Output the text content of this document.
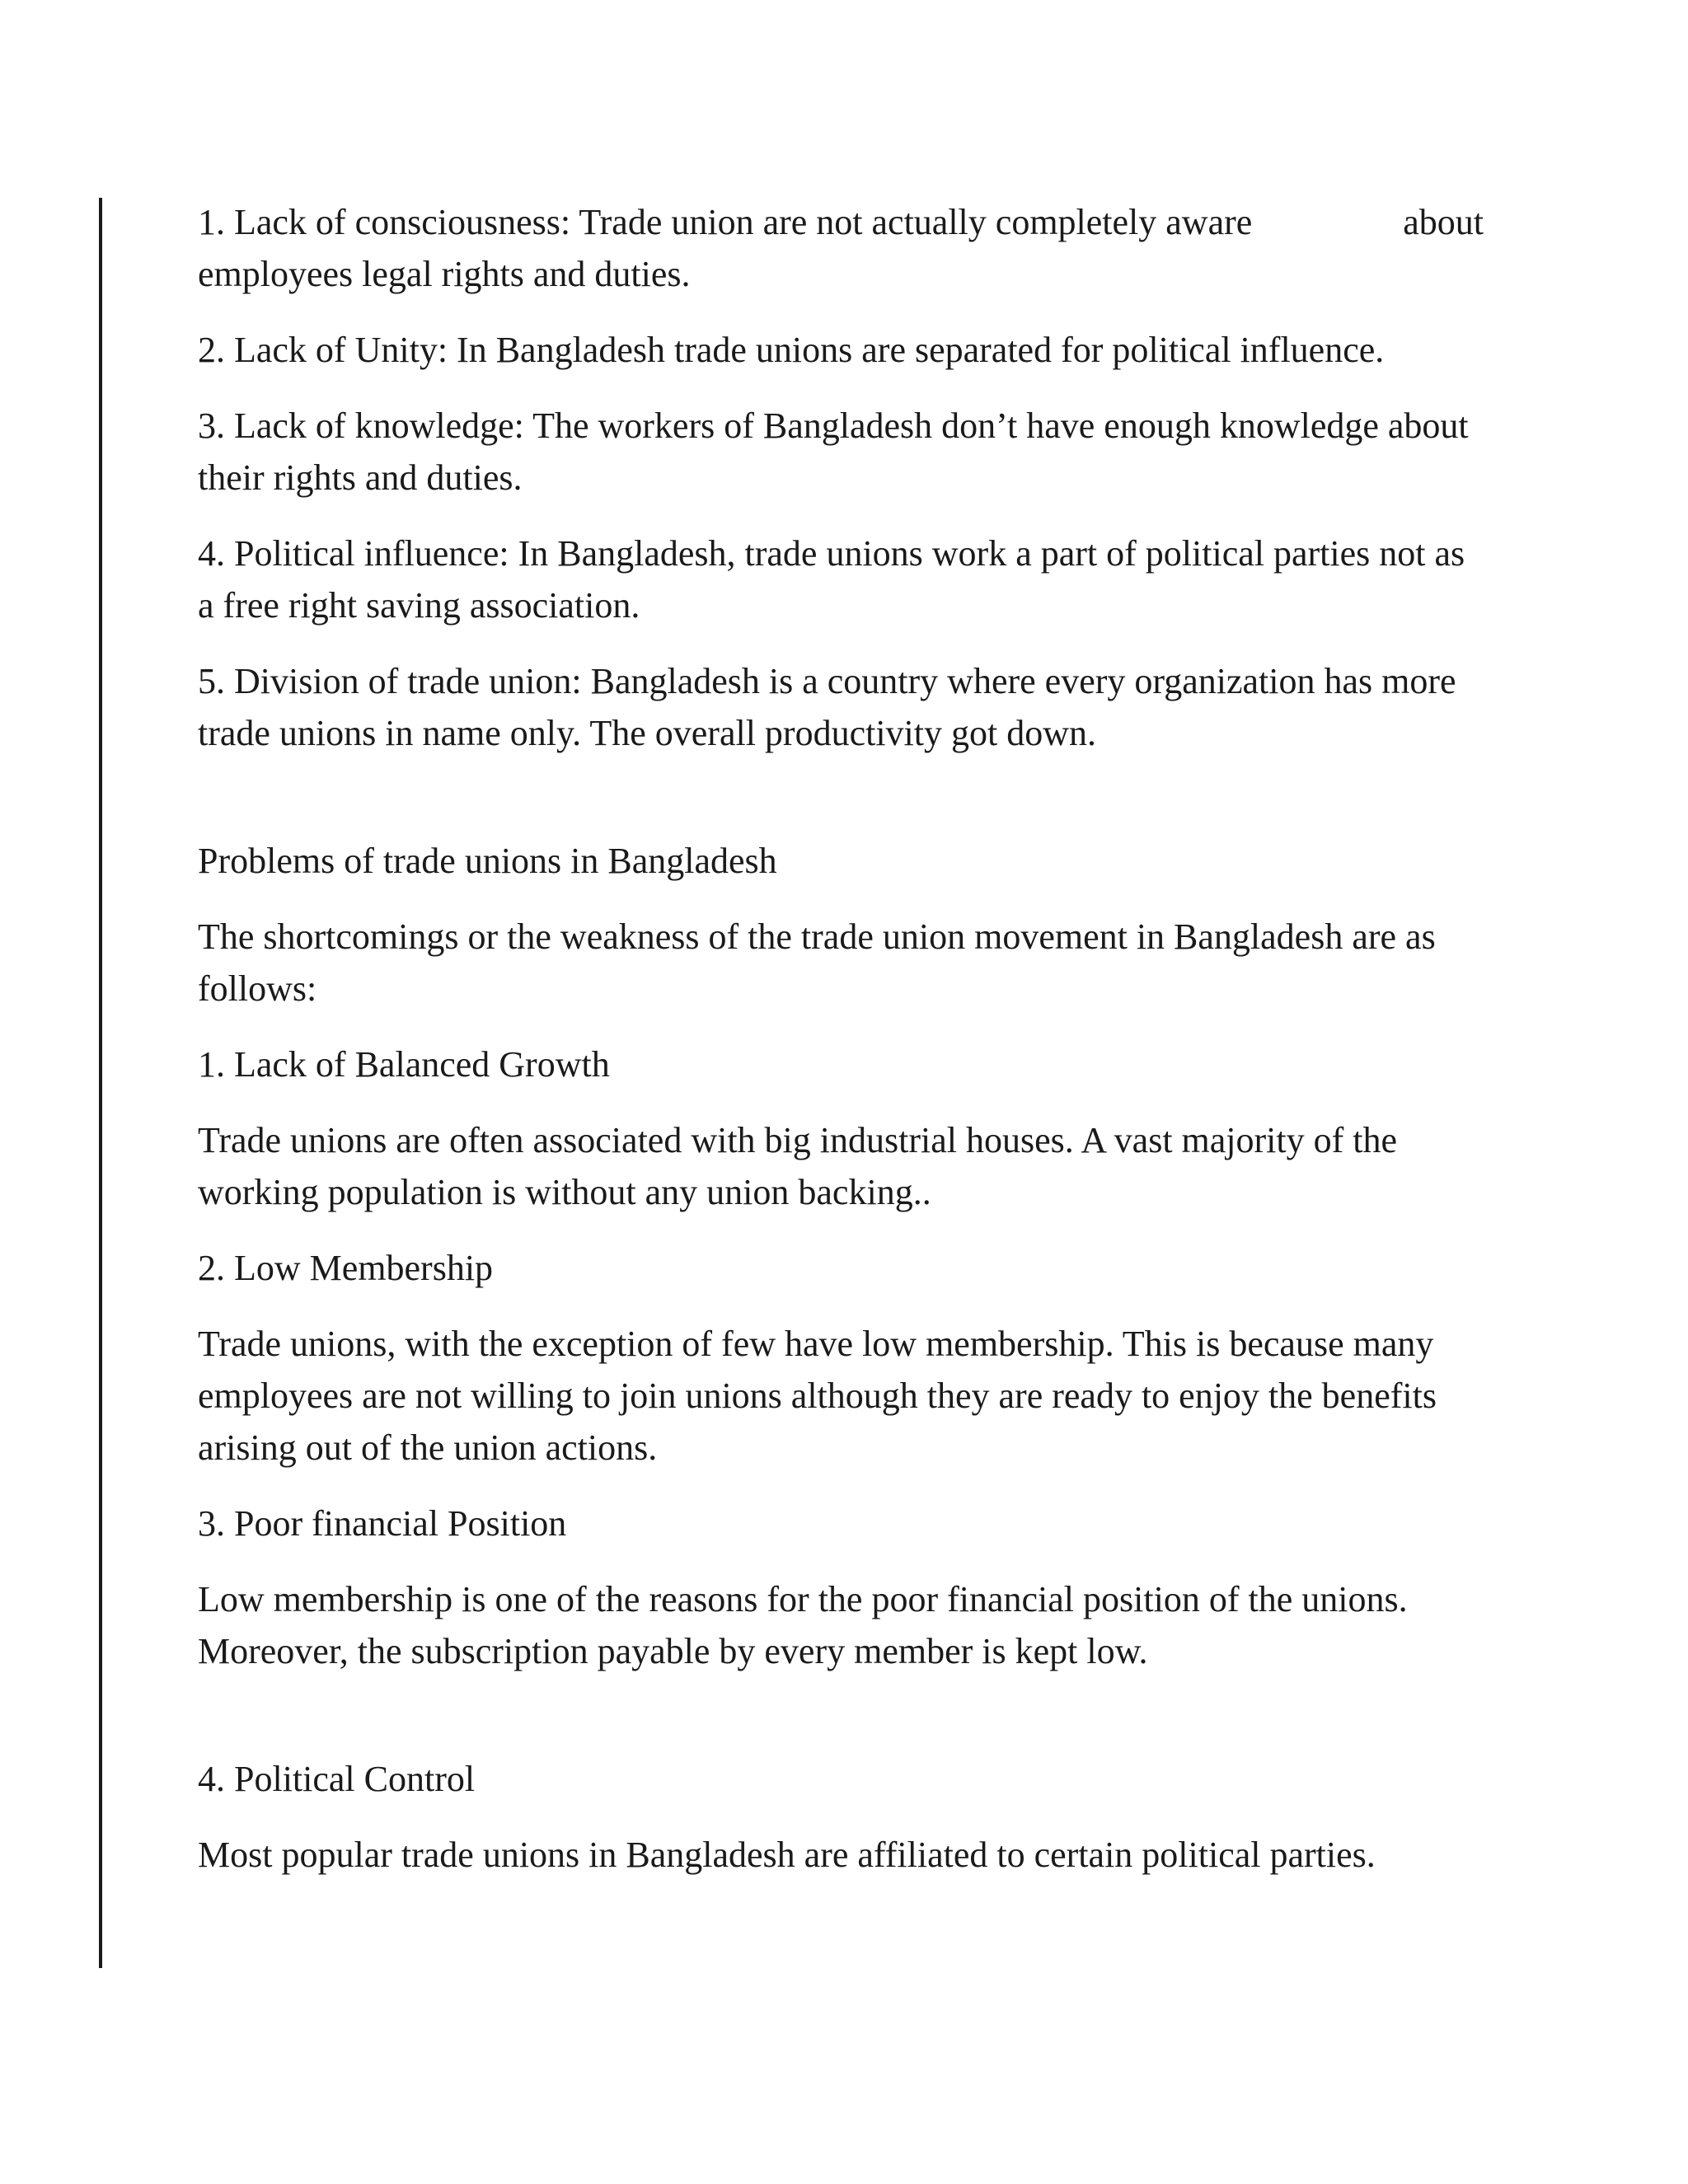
1. Lack of consciousness: Trade union are not actually completely aware	about
employees legal rights and duties.

2. Lack of Unity: In Bangladesh trade unions are separated for political influence.

3. Lack of knowledge: The workers of Bangladesh don’t have enough knowledge about their rights and duties.

4. Political influence: In Bangladesh, trade unions work a part of political parties not as a free right saving association.

5. Division of trade union: Bangladesh is a country where every organization has more trade unions in name only. The overall productivity got down.

Problems of trade unions in Bangladesh

The shortcomings or the weakness of the trade union movement in Bangladesh are as follows:

1. Lack of Balanced Growth

Trade unions are often associated with big industrial houses. A vast majority of the working population is without any union backing..

2. Low Membership

Trade unions, with the exception of few have low membership. This is because many employees are not willing to join unions although they are ready to enjoy the benefits arising out of the union actions.

3. Poor financial Position

Low membership is one of the reasons for the poor financial position of the unions. Moreover, the subscription payable by every member is kept low.

4. Political Control

Most popular trade unions in Bangladesh are affiliated to certain political parties.
